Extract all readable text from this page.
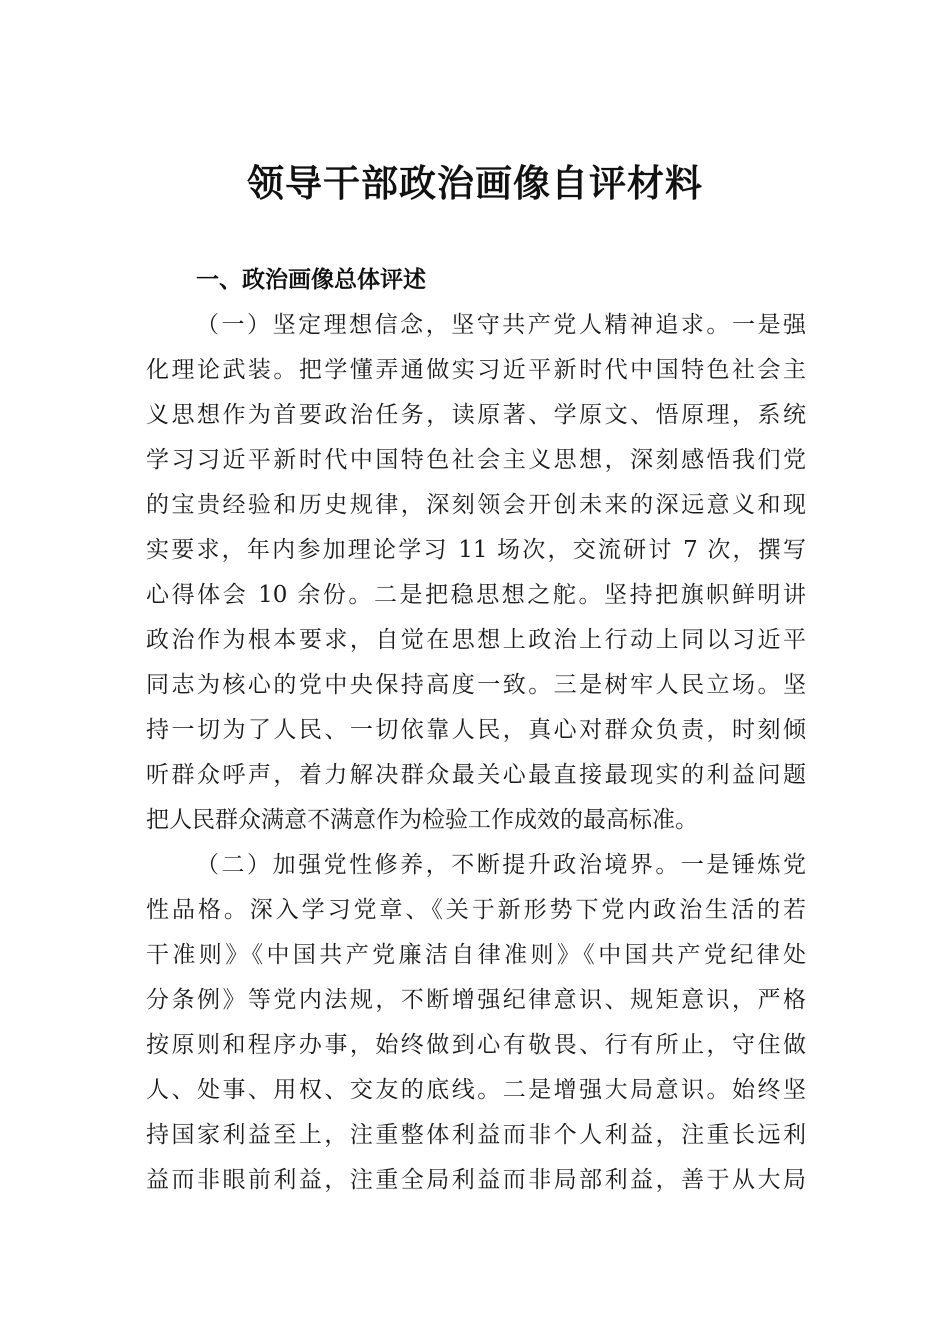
领导干部政治画像自评材料
一、政治画像总体评述
（一）坚定理想信念，坚守共产党人精神追求。一是强
化理论武装。把学懂弄通做实习近平新时代中国特色社会主
义思想作为首要政治任务，读原著、学原文、悟原理，系统
学习习近平新时代中国特色社会主义思想，深刻感悟我们党
的宝贵经验和历史规律，深刻领会开创未来的深远意义和现
实要求，年内参加理论学习 11 场次，交流研讨 7 次，撰写
心得体会 10 余份。二是把稳思想之舵。坚持把旗帜鲜明讲
政治作为根本要求，自觉在思想上政治上行动上同以习近平
同志为核心的党中央保持高度一致。三是树牢人民立场。坚
持一切为了人民、一切依靠人民，真心对群众负责，时刻倾
听群众呼声，着力解决群众最关心最直接最现实的利益问题
把人民群众满意不满意作为检验工作成效的最高标准。
（二）加强党性修养，不断提升政治境界。一是锤炼党
性品格。深入学习党章、《关于新形势下党内政治生活的若
干准则》《中国共产党廉洁自律准则》《中国共产党纪律处
分条例》等党内法规，不断增强纪律意识、规矩意识，严格
按原则和程序办事，始终做到心有敬畏、行有所止，守住做
人、处事、用权、交友的底线。二是增强大局意识。始终坚
持国家利益至上，注重整体利益而非个人利益，注重长远利
益而非眼前利益，注重全局利益而非局部利益，善于从大局
